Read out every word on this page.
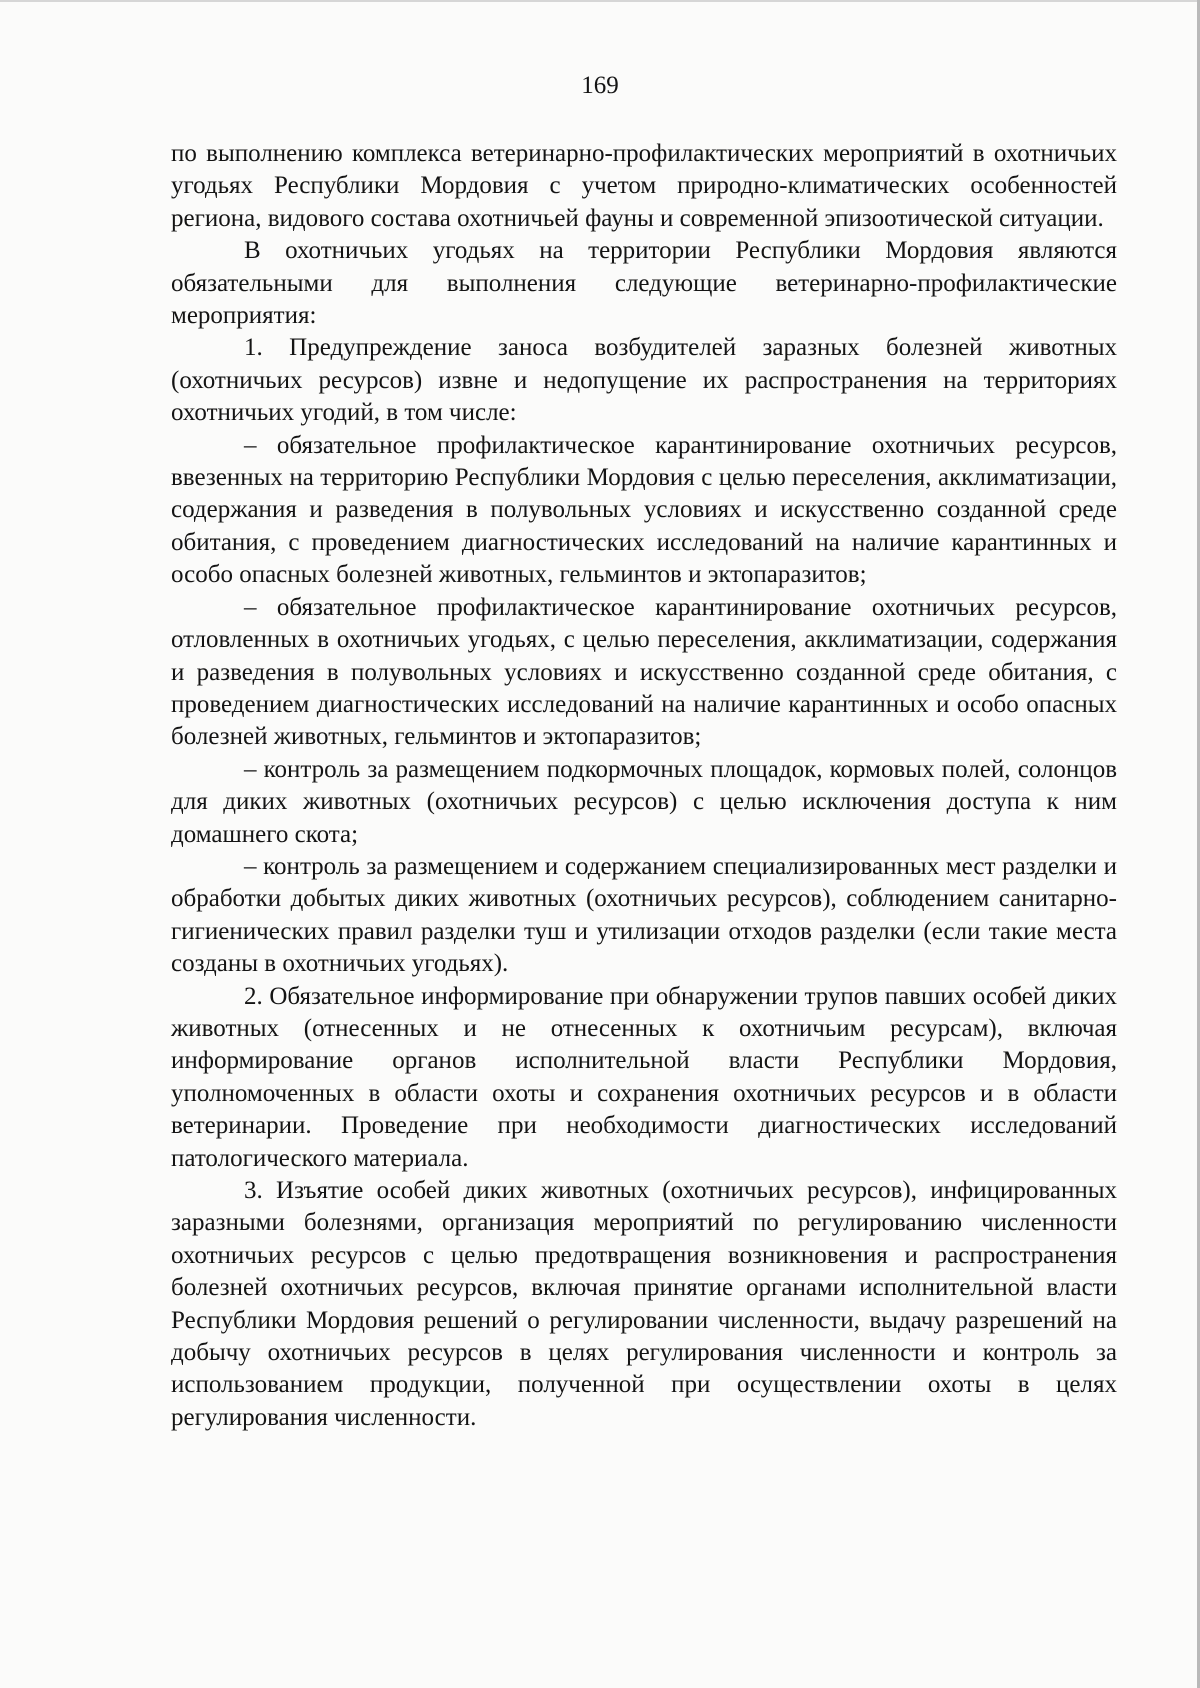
169

по выполнению комплекса ветеринарно-профилактических мероприятий в охотничьих угодьях Республики Мордовия с учетом природно-климатических особенностей региона, видового состава охотничьей фауны и современной эпизоотической ситуации.

В охотничьих угодьях на территории Республики Мордовия являются обязательными для выполнения следующие ветеринарно-профилактические мероприятия:

1. Предупреждение заноса возбудителей заразных болезней животных (охотничьих ресурсов) извне и недопущение их распространения на территориях охотничьих угодий, в том числе:

– обязательное профилактическое карантинирование охотничьих ресурсов, ввезенных на территорию Республики Мордовия с целью переселения, акклиматизации, содержания и разведения в полувольных условиях и искусственно созданной среде обитания, с проведением диагностических исследований на наличие карантинных и особо опасных болезней животных, гельминтов и эктопаразитов;

– обязательное профилактическое карантинирование охотничьих ресурсов, отловленных в охотничьих угодьях, с целью переселения, акклиматизации, содержания и разведения в полувольных условиях и искусственно созданной среде обитания, с проведением диагностических исследований на наличие карантинных и особо опасных болезней животных, гельминтов и эктопаразитов;

– контроль за размещением подкормочных площадок, кормовых полей, солонцов для диких животных (охотничьих ресурсов) с целью исключения доступа к ним домашнего скота;

– контроль за размещением и содержанием специализированных мест разделки и обработки добытых диких животных (охотничьих ресурсов), соблюдением санитарно-гигиенических правил разделки туш и утилизации отходов разделки (если такие места созданы в охотничьих угодьях).

2. Обязательное информирование при обнаружении трупов павших особей диких животных (отнесенных и не отнесенных к охотничьим ресурсам), включая информирование органов исполнительной власти Республики Мордовия, уполномоченных в области охоты и сохранения охотничьих ресурсов и в области ветеринарии. Проведение при необходимости диагностических исследований патологического материала.

3. Изъятие особей диких животных (охотничьих ресурсов), инфицированных заразными болезнями, организация мероприятий по регулированию численности охотничьих ресурсов с целью предотвращения возникновения и распространения болезней охотничьих ресурсов, включая принятие органами исполнительной власти Республики Мордовия решений о регулировании численности, выдачу разрешений на добычу охотничьих ресурсов в целях регулирования численности и контроль за использованием продукции, полученной при осуществлении охоты в целях регулирования численности.
